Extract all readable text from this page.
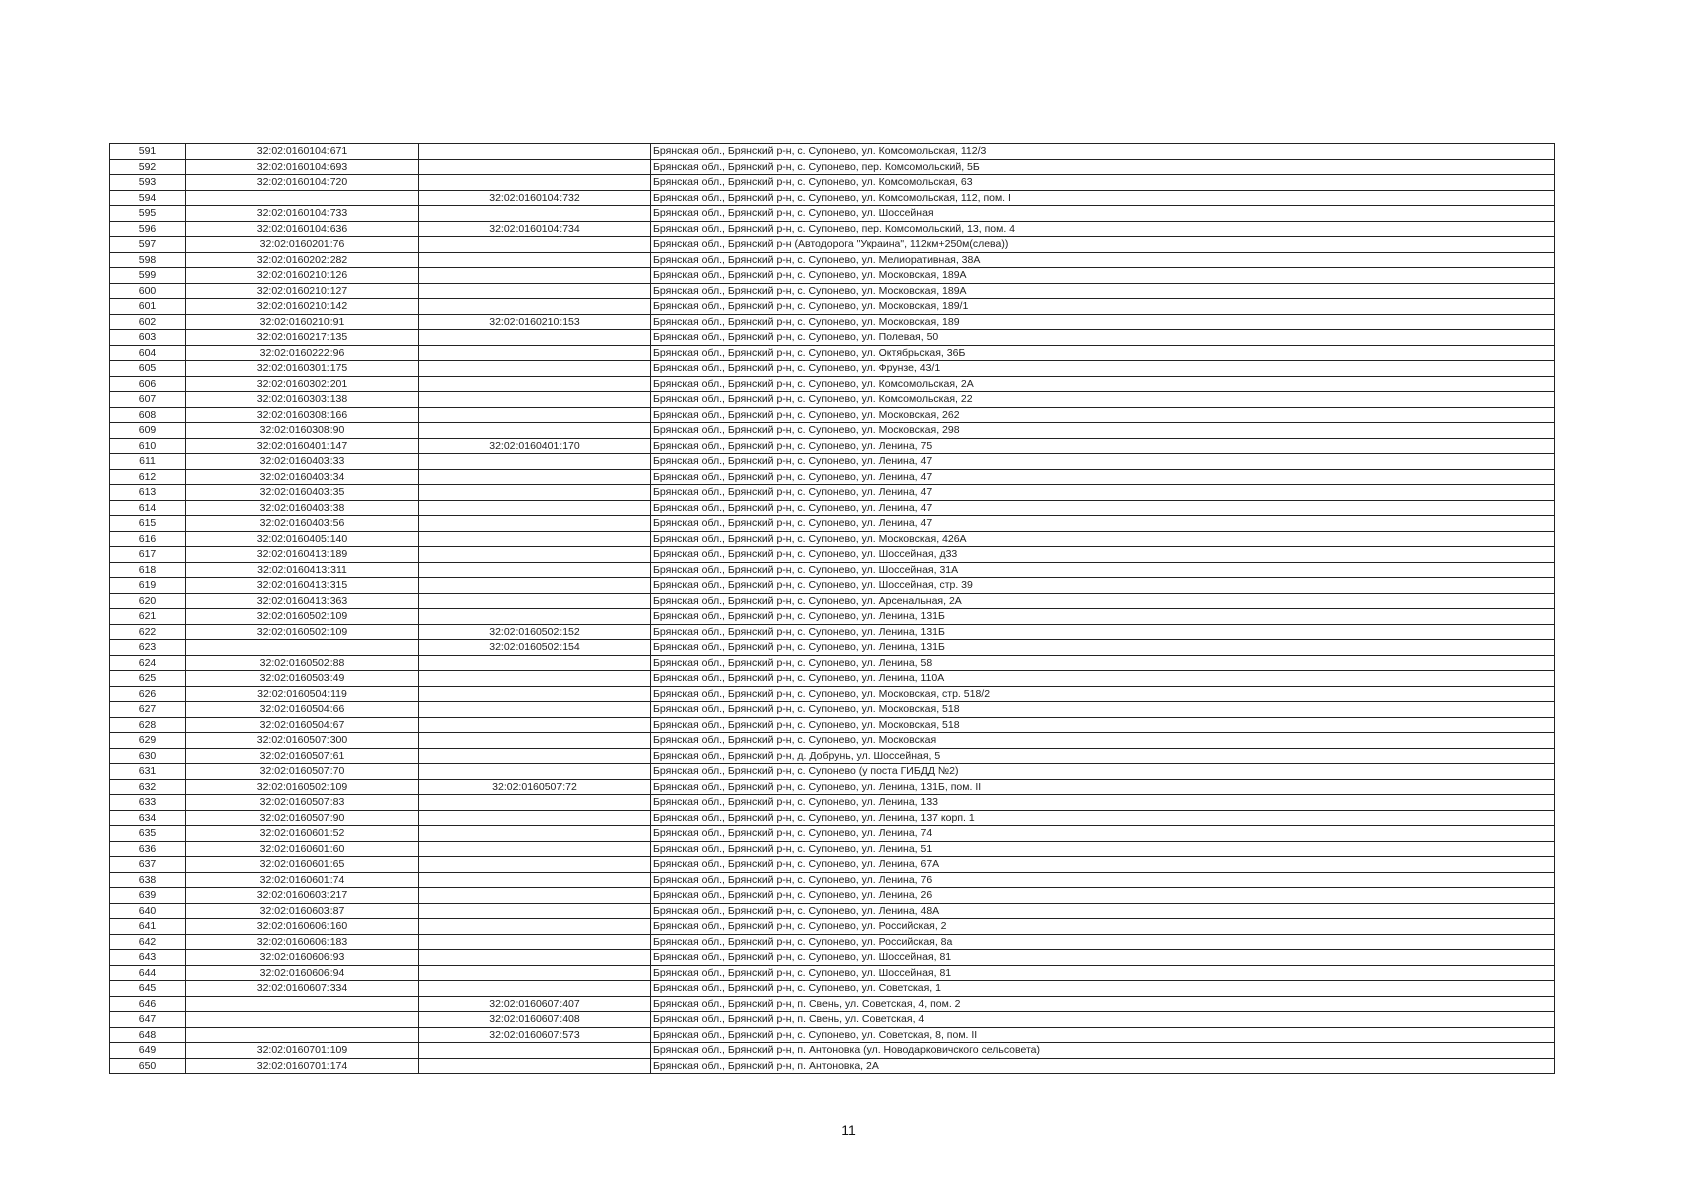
591	32:02:0160104:671		Брянская обл., Брянский р-н, с. Супонево, ул. Комсомольская, 112/3
592	32:02:0160104:693		Брянская обл., Брянский р-н, с. Супонево, пер. Комсомольский, 5Б
593	32:02:0160104:720		Брянская обл., Брянский р-н, с. Супонево, ул. Комсомольская, 63
594		32:02:0160104:732	Брянская обл., Брянский р-н, с. Супонево, ул. Комсомольская, 112, пом. I
595	32:02:0160104:733		Брянская обл., Брянский р-н, с. Супонево, ул. Шоссейная
596	32:02:0160104:636	32:02:0160104:734	Брянская обл., Брянский р-н, с. Супонево, пер. Комсомольский, 13, пом. 4
597	32:02:0160201:76		Брянская обл., Брянский р-н (Автодорога "Украина", 112км+250м(слева))
598	32:02:0160202:282		Брянская обл., Брянский р-н, с. Супонево, ул. Мелиоративная, 38А
599	32:02:0160210:126		Брянская обл., Брянский р-н, с. Супонево, ул. Московская, 189А
600	32:02:0160210:127		Брянская обл., Брянский р-н, с. Супонево, ул. Московская, 189А
601	32:02:0160210:142		Брянская обл., Брянский р-н, с. Супонево, ул. Московская, 189/1
602	32:02:0160210:91	32:02:0160210:153	Брянская обл., Брянский р-н, с. Супонево, ул. Московская, 189
603	32:02:0160217:135		Брянская обл., Брянский р-н, с. Супонево, ул. Полевая, 50
604	32:02:0160222:96		Брянская обл., Брянский р-н, с. Супонево, ул. Октябрьская, 36Б
605	32:02:0160301:175		Брянская обл., Брянский р-н, с. Супонево, ул. Фрунзе, 43/1
606	32:02:0160302:201		Брянская обл., Брянский р-н, с. Супонево, ул. Комсомольская, 2А
607	32:02:0160303:138		Брянская обл., Брянский р-н, с. Супонево, ул. Комсомольская, 22
608	32:02:0160308:166		Брянская обл., Брянский р-н, с. Супонево, ул. Московская, 262
609	32:02:0160308:90		Брянская обл., Брянский р-н, с. Супонево, ул. Московская, 298
610	32:02:0160401:147	32:02:0160401:170	Брянская обл., Брянский р-н, с. Супонево, ул. Ленина, 75
611	32:02:0160403:33		Брянская обл., Брянский р-н, с. Супонево, ул. Ленина, 47
612	32:02:0160403:34		Брянская обл., Брянский р-н, с. Супонево, ул. Ленина, 47
613	32:02:0160403:35		Брянская обл., Брянский р-н, с. Супонево, ул. Ленина, 47
614	32:02:0160403:38		Брянская обл., Брянский р-н, с. Супонево, ул. Ленина, 47
615	32:02:0160403:56		Брянская обл., Брянский р-н, с. Супонево, ул. Ленина, 47
616	32:02:0160405:140		Брянская обл., Брянский р-н, с. Супонево, ул. Московская, 426А
617	32:02:0160413:189		Брянская обл., Брянский р-н, с. Супонево, ул. Шоссейная, д33
618	32:02:0160413:311		Брянская обл., Брянский р-н, с. Супонево, ул. Шоссейная, 31А
619	32:02:0160413:315		Брянская обл., Брянский р-н, с. Супонево, ул. Шоссейная, стр. 39
620	32:02:0160413:363		Брянская обл., Брянский р-н, с. Супонево, ул. Арсенальная, 2А
621	32:02:0160502:109		Брянская обл., Брянский р-н, с. Супонево, ул. Ленина, 131Б
622	32:02:0160502:109	32:02:0160502:152	Брянская обл., Брянский р-н, с. Супонево, ул. Ленина, 131Б
623		32:02:0160502:154	Брянская обл., Брянский р-н, с. Супонево, ул. Ленина, 131Б
624	32:02:0160502:88		Брянская обл., Брянский р-н, с. Супонево, ул. Ленина, 58
625	32:02:0160503:49		Брянская обл., Брянский р-н, с. Супонево, ул. Ленина, 110А
626	32:02:0160504:119		Брянская обл., Брянский р-н, с. Супонево, ул. Московская, стр. 518/2
627	32:02:0160504:66		Брянская обл., Брянский р-н, с. Супонево, ул. Московская, 518
628	32:02:0160504:67		Брянская обл., Брянский р-н, с. Супонево, ул. Московская, 518
629	32:02:0160507:300		Брянская обл., Брянский р-н, с. Супонево, ул. Московская
630	32:02:0160507:61		Брянская обл., Брянский р-н, д. Добрунь, ул. Шоссейная, 5
631	32:02:0160507:70		Брянская обл., Брянский р-н, с. Супонево (у поста ГИБДД №2)
632	32:02:0160502:109	32:02:0160507:72	Брянская обл., Брянский р-н, с. Супонево, ул. Ленина, 131Б, пом. II
633	32:02:0160507:83		Брянская обл., Брянский р-н, с. Супонево, ул. Ленина, 133
634	32:02:0160507:90		Брянская обл., Брянский р-н, с. Супонево, ул. Ленина, 137 корп. 1
635	32:02:0160601:52		Брянская обл., Брянский р-н, с. Супонево, ул. Ленина, 74
636	32:02:0160601:60		Брянская обл., Брянский р-н, с. Супонево, ул. Ленина, 51
637	32:02:0160601:65		Брянская обл., Брянский р-н, с. Супонево, ул. Ленина, 67А
638	32:02:0160601:74		Брянская обл., Брянский р-н, с. Супонево, ул. Ленина, 76
639	32:02:0160603:217		Брянская обл., Брянский р-н, с. Супонево, ул. Ленина, 26
640	32:02:0160603:87		Брянская обл., Брянский р-н, с. Супонево, ул. Ленина, 48А
641	32:02:0160606:160		Брянская обл., Брянский р-н, с. Супонево, ул. Российская, 2
642	32:02:0160606:183		Брянская обл., Брянский р-н, с. Супонево, ул. Российская, 8а
643	32:02:0160606:93		Брянская обл., Брянский р-н, с. Супонево, ул. Шоссейная, 81
644	32:02:0160606:94		Брянская обл., Брянский р-н, с. Супонево, ул. Шоссейная, 81
645	32:02:0160607:334		Брянская обл., Брянский р-н, с. Супонево, ул. Советская, 1
646		32:02:0160607:407	Брянская обл., Брянский р-н, п. Свень, ул. Советская, 4, пом. 2
647		32:02:0160607:408	Брянская обл., Брянский р-н, п. Свень, ул. Советская, 4
648		32:02:0160607:573	Брянская обл., Брянский р-н, с. Супонево, ул. Советская, 8, пом. II
649	32:02:0160701:109		Брянская обл., Брянский р-н, п. Антоновка (ул. Новодарковичского сельсовета)
650	32:02:0160701:174		Брянская обл., Брянский р-н, п. Антоновка, 2А
11
